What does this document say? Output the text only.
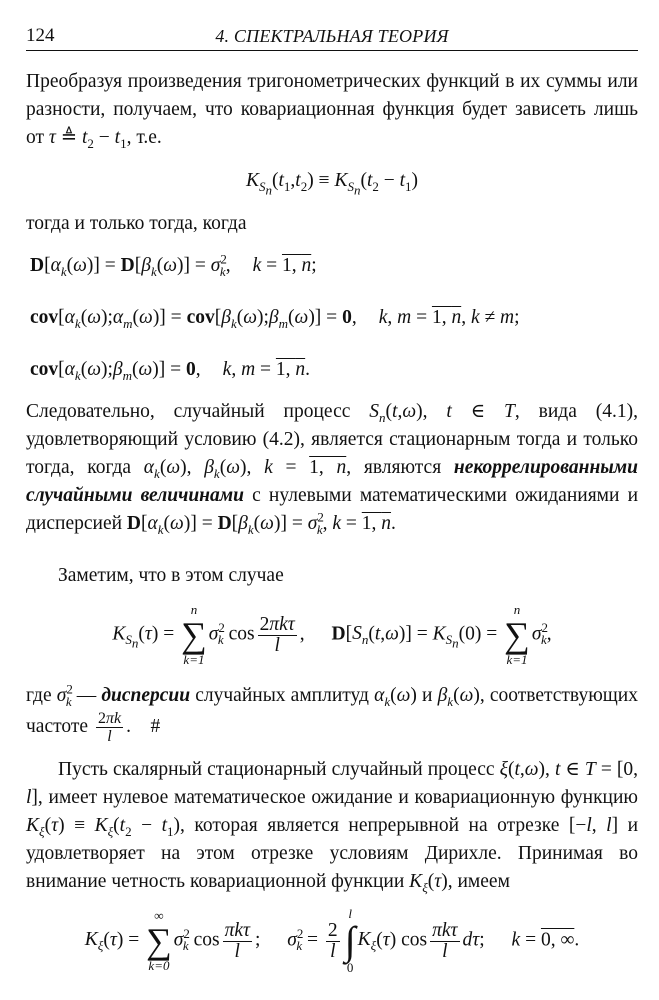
124	4. СПЕКТРАЛЬНАЯ ТЕОРИЯ

Преобразуя произведения тригонометрических функций в их суммы или разности, получаем, что ковариационная функция будет зависеть лишь от τ ≜ $t_2 - t_1$, т.е.

$K_{S_n}(t_1,t_2) \equiv K_{S_n}(t_2 - t_1)$

тогда и только тогда, когда

$D[\alpha_k(\omega)] = D[\beta_k(\omega)] = \sigma^2_k$, k = 1, n;
$cov[\alpha_k(\omega);\alpha_m(\omega)]$ = $cov[\beta_k(\omega);\beta_m(\omega)] = 0$, k, m = 1, n, k ≠ m;
$cov[\alpha_k(\omega);\beta_m(\omega)] = 0$, k, m = 1, n.

Следовательно, случайный процесс $S_n(t,\omega)$, t ∈ T, вида (4.1), удовлетворяющий условию (4.2), является стационарным тогда и только тогда, когда $\alpha_k(\omega)$, $\beta_k(\omega)$, k = 1, n, являются некоррелированными случайными величинами с нулевыми математическими ожиданиями и дисперсией $D[\alpha_k(\omega)] = D[\beta_k(\omega)] = \sigma^2_k$, k = 1, n.

Заметим, что в этом случае

$K_{S_n}(\tau)$ =
n
∑
k=1
$\sigma^2_k$ $\cos \frac{\text{2πkτ}}{l}$ , $D[S_n(t,\omega)] = K_{S_n}(0)$ =
n
∑
k=1
$\sigma^2_k$,

где $\sigma^2_k$ — дисперсии случайных амплитуд $\alpha_k(\omega)$ и $\beta_k(\omega)$, соответствующих частоте $\frac{2\pi k}{l}$ .    #

Пусть скалярный стационарный случайный процесс ξ(t,ω), t ∈ T = [0, l], имеет нулевое математическое ожидание и ковариационную функцию $K_\xi(\tau) \equiv K_\xi(t_2 - t_1)$, которая является непрерывной на отрезке [−l, l] и удовлетворяет на этом отрезке условиям Дирихле. Принимая во внимание четность ковариационной функции $K_\xi(\tau)$, имеем

$K_\xi(\tau)$ =
∞
∑
k=0
$\sigma^2_k$ $\cos \frac{\text{πkτ}}{l}$ ; $\sigma^2_k = \frac{2}{l}$
l
∫
0
$K_\xi(\tau)$ $\cos \frac{\text{πkτ}}{l} d\tau$; k = 0, ∞.
